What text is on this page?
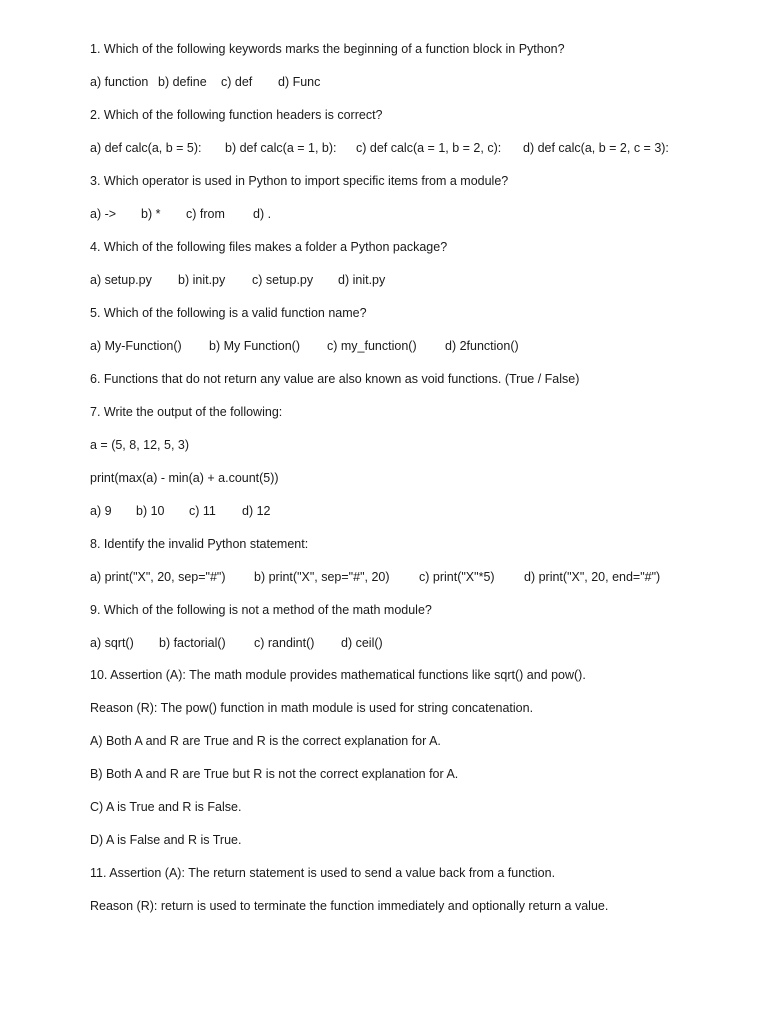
1. Which of the following keywords marks the beginning of a function block in Python?
a) function b) define c) def d) Func
2. Which of the following function headers is correct?
a) def calc(a, b = 5): b) def calc(a = 1, b): c) def calc(a = 1, b = 2, c): d) def calc(a, b = 2, c = 3):
3. Which operator is used in Python to import specific items from a module?
a) -> b) * c) from d) .
4. Which of the following files makes a folder a Python package?
a) setup.py b) init.py c) setup.py d) init.py
5. Which of the following is a valid function name?
a) My-Function() b) My Function() c) my_function() d) 2function()
6. Functions that do not return any value are also known as void functions. (True / False)
7. Write the output of the following:
a = (5, 8, 12, 5, 3)
print(max(a) - min(a) + a.count(5))
a) 9 b) 10 c) 11 d) 12
8. Identify the invalid Python statement:
a) print("X", 20, sep="#") b) print("X", sep="#", 20) c) print("X"*5) d) print("X", 20, end="#")
9. Which of the following is not a method of the math module?
a) sqrt() b) factorial() c) randint() d) ceil()
10. Assertion (A): The math module provides mathematical functions like sqrt() and pow().
Reason (R): The pow() function in math module is used for string concatenation.
A) Both A and R are True and R is the correct explanation for A.
B) Both A and R are True but R is not the correct explanation for A.
C) A is True and R is False.
D) A is False and R is True.
11. Assertion (A): The return statement is used to send a value back from a function.
Reason (R): return is used to terminate the function immediately and optionally return a value.
